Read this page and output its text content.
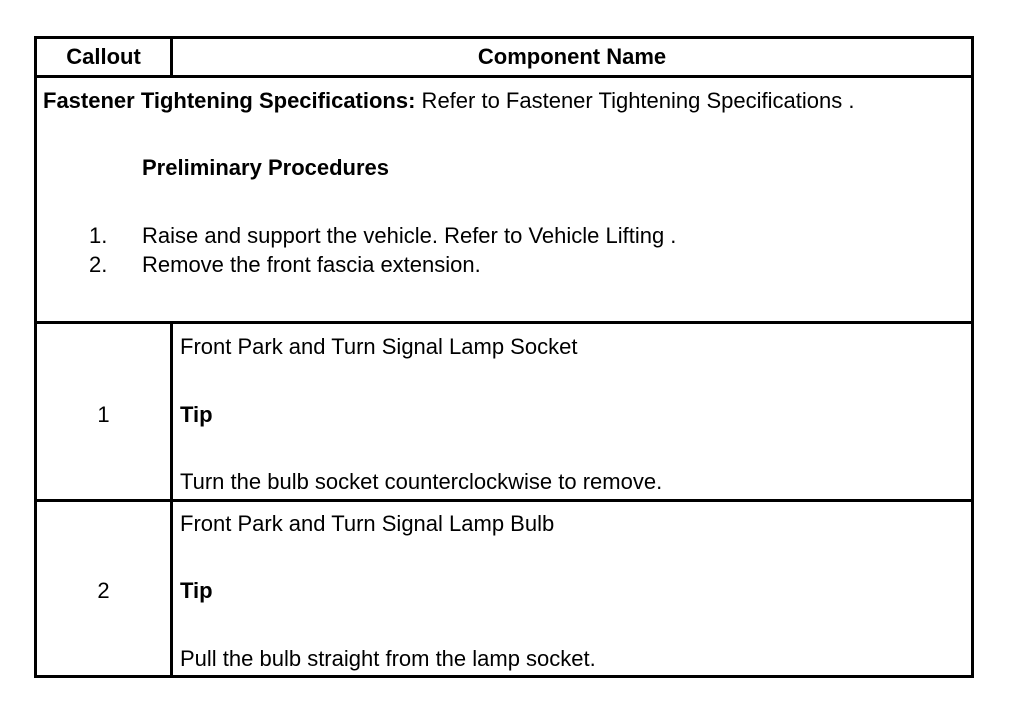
Callout	Component Name
Fastener Tightening Specifications: Refer to Fastener Tightening Specifications .
Preliminary Procedures
1. Raise and support the vehicle. Refer to Vehicle Lifting .
2. Remove the front fascia extension.
1
Front Park and Turn Signal Lamp Socket
Tip
Turn the bulb socket counterclockwise to remove.
2
Front Park and Turn Signal Lamp Bulb
Tip
Pull the bulb straight from the lamp socket.
